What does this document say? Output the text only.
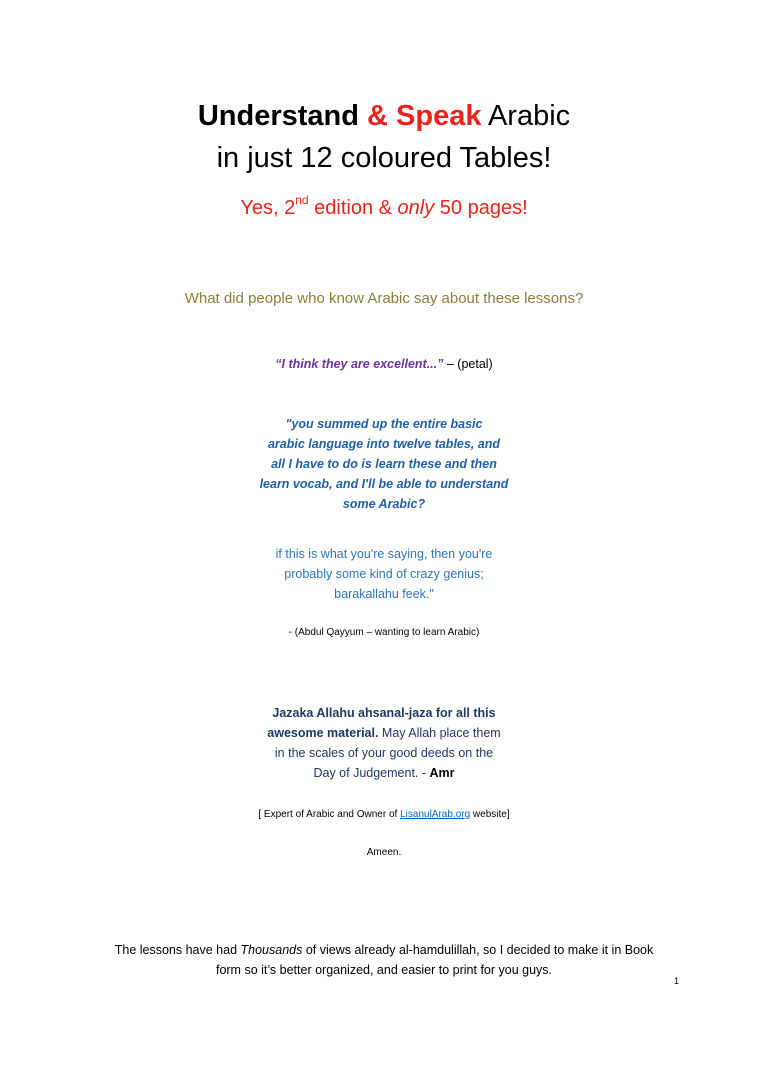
Understand & Speak Arabic
in just 12 coloured Tables!
Yes, 2nd edition & only 50 pages!
What did people who know Arabic say about these lessons?
“I think they are excellent...” – (petal)
"you summed up the entire basic
arabic language into twelve tables, and
all I have to do is learn these and then
learn vocab, and I'll be able to understand
some Arabic?
if this is what you're saying, then you're
probably some kind of crazy genius;
barakallahu feek."
- (Abdul Qayyum – wanting to learn Arabic)
Jazaka Allahu ahsanal-jaza for all this
awesome material. May Allah place them
in the scales of your good deeds on the
Day of Judgement. - Amr
[ Expert of Arabic and Owner of LisanulArab.org website]
Ameen.
The lessons have had Thousands of views already al-hamdulillah, so I decided to make it in Book
form so it’s better organized, and easier to print for you guys.
1
